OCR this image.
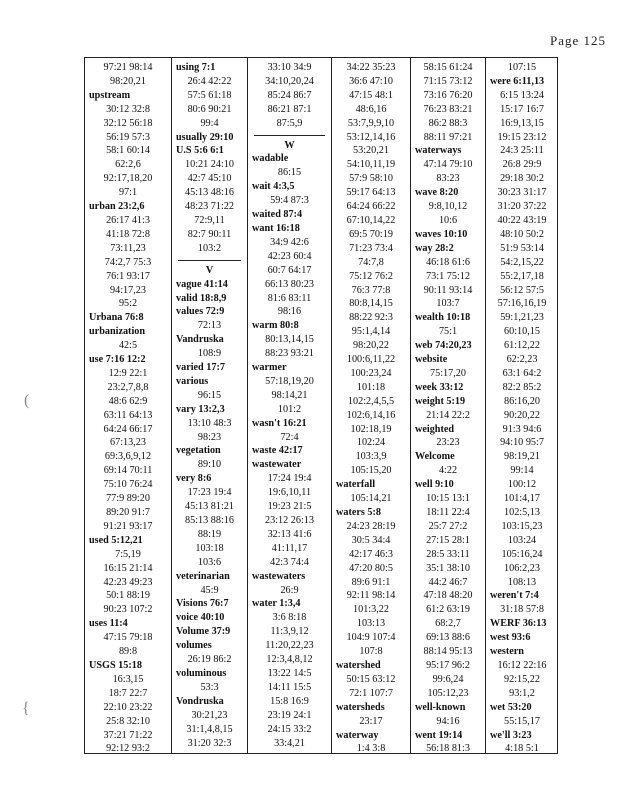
Page 125
(
{
97:21 98:14
98:20,21
upstream
30:12 32:8
32:12 56:18
56:19 57:3
58:1 60:14
62:2,6
92:17,18,20
97:1
urban 23:2,6
26:17 41:3
41:18 72:8
73:11,23
74:2,7 75:3
76:1 93:17
94:17,23
95:2
Urbana 76:8
urbanization
42:5
use 7:16 12:2
12:9 22:1
23:2,7,8,8
48:6 62:9
63:11 64:13
64:24 66:17
67:13,23
69:3,6,9,12
69:14 70:11
75:10 76:24
77:9 89:20
89:20 91:7
91:21 93:17
used 5:12,21
7:5,19
16:15 21:14
42:23 49:23
50:1 88:19
90:23 107:2
uses 11:4
47:15 79:18
89:8
USGS 15:18
16:3,15
18:7 22:7
22:10 23:22
25:8 32:10
37:21 71:22
92:12 93:2
using 7:1
26:4 42:22
57:5 61:18
80:6 90:21
99:4
usually 29:10
U.S 5:6 6:1
10:21 24:10
42:7 45:10
45:13 48:16
48:23 71:22
72:9,11
82:7 90:11
103:2
V
vague 41:14
valid 18:8,9
values 72:9
72:13
Vandruska
108:9
varied 17:7
various
96:15
vary 13:2,3
13:10 48:3
98:23
vegetation
89:10
very 8:6
17:23 19:4
45:13 81:21
85:13 88:16
88:19
103:18
103:6
veterinarian
45:9
Visions 76:7
voice 40:10
Volume 37:9
volumes
26:19 86:2
voluminous
53:3
Vondruska
30:21,23
31:1,4,8,15
31:20 32:3
33:10 34:9
34:10,20,24
85:24 86:7
86:21 87:1
87:5,9
W
wadable
86:15
wait 4:3,5
59:4 87:3
waited 87:4
want 16:18
34:9 42:6
42:23 60:4
60:7 64:17
66:13 80:23
81:6 83:11
98:16
warm 80:8
80:13,14,15
88:23 93:21
warmer
57:18,19,20
98:14,21
101:2
wasn't 16:21
72:4
waste 42:17
wastewater
17:24 19:4
19:6,10,11
19:23 21:5
23:12 26:13
32:13 41:6
41:11,17
42:3 74:4
wastewaters
26:9
water 1:3,4
3:6 8:18
11:3,9,12
11:20,22,23
12:3,4,8,12
13:22 14:5
14:11 15:5
15:8 16:9
23:19 24:1
24:15 33:2
33:4,21
34:22 35:23
36:6 47:10
47:15 48:1
48:6,16
53:7,9,9,10
53:12,14,16
53:20,21
54:10,11,19
57:9 58:10
59:17 64:13
64:24 66:22
67:10,14,22
69:5 70:19
71:23 73:4
74:7,8
75:12 76:2
76:3 77:8
80:8,14,15
88:22 92:3
95:1,4,14
98:20,22
100:6,11,22
100:23,24
101:18
102:2,4,5,5
102:6,14,16
102:18,19
102:24
103:3,9
105:15,20
waterfall
105:14,21
waters 5:8
24:23 28:19
30:5 34:4
42:17 46:3
47:20 80:5
89:6 91:1
92:11 98:14
101:3,22
103:13
104:9 107:4
107:8
watershed
50:15 63:12
72:1 107:7
watersheds
23:17
waterway
1:4 3:8
58:15 61:24
71:15 73:12
73:16 76:20
76:23 83:21
86:2 88:3
88:11 97:21
waterways
47:14 79:10
83:23
wave 8:20
9:8,10,12
10:6
waves 10:10
way 28:2
46:18 61:6
73:1 75:12
90:11 93:14
103:7
wealth 10:18
75:1
web 74:20,23
website
75:17,20
week 33:12
weight 5:19
21:14 22:2
weighted
23:23
Welcome
4:22
well 9:10
10:15 13:1
18:11 22:4
25:7 27:2
27:15 28:1
28:5 33:11
35:1 38:10
44:2 46:7
47:18 48:20
61:2 63:19
68:2,7
69:13 88:6
88:14 95:13
95:17 96:2
99:6,24
105:12,23
well-known
94:16
went 19:14
56:18 81:3
107:15
were 6:11,13
6:15 13:24
15:17 16:7
16:9,13,15
19:15 23:12
24:3 25:11
26:8 29:9
29:18 30:2
30:23 31:17
31:20 37:22
40:22 43:19
48:10 50:2
51:9 53:14
54:2,15,22
55:2,17,18
56:12 57:5
57:16,16,19
59:1,21,23
60:10,15
61:12,22
62:2,23
63:1 64:2
82:2 85:2
86:16,20
90:20,22
91:3 94:6
94:10 95:7
98:19,21
99:14
100:12
101:4,17
102:5,13
103:15,23
103:24
105:16,24
106:2,23
108:13
weren't 7:4
31:18 57:8
WERF 36:13
west 93:6
western
16:12 22:16
92:15,22
93:1,2
wet 53:20
55:15,17
we'll 3:23
4:18 5:1
